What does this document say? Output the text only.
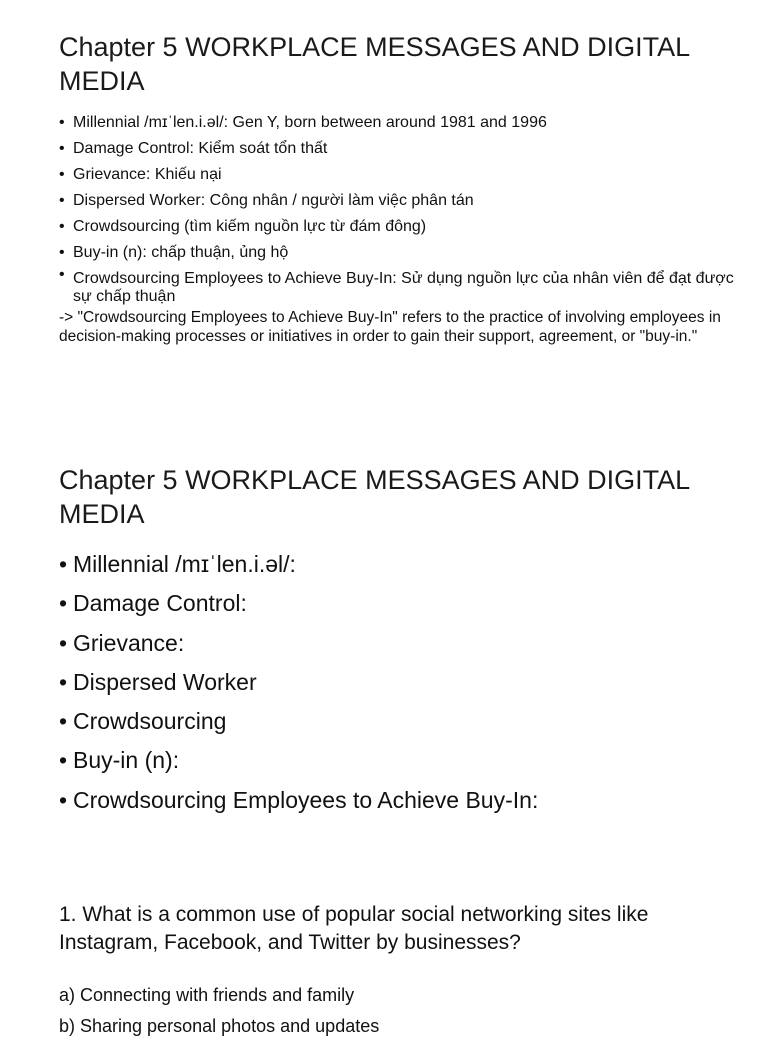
Chapter 5 WORKPLACE MESSAGES AND DIGITAL MEDIA
• Millennial /mɪˈlen.i.əl/: Gen Y, born between around 1981 and 1996
• Damage Control: Kiểm soát tổn thất
• Grievance: Khiếu nại
• Dispersed Worker: Công nhân / người làm việc phân tán
• Crowdsourcing (tìm kiếm nguồn lực từ đám đông)
• Buy-in (n): chấp thuận, ủng hộ
• Crowdsourcing Employees to Achieve Buy-In: Sử dụng nguồn lực của nhân viên để đạt được sự chấp thuận

-> "Crowdsourcing Employees to Achieve Buy-In" refers to the practice of involving employees in decision-making processes or initiatives in order to gain their support, agreement, or "buy-in."

Chapter 5 WORKPLACE MESSAGES AND DIGITAL MEDIA
• Millennial /mɪˈlen.i.əl/:
• Damage Control:
• Grievance:
• Dispersed Worker
• Crowdsourcing
• Buy-in (n):
• Crowdsourcing Employees to Achieve Buy-In:

1. What is a common use of popular social networking sites like Instagram, Facebook, and Twitter by businesses?

a) Connecting with friends and family

b) Sharing personal photos and updates
